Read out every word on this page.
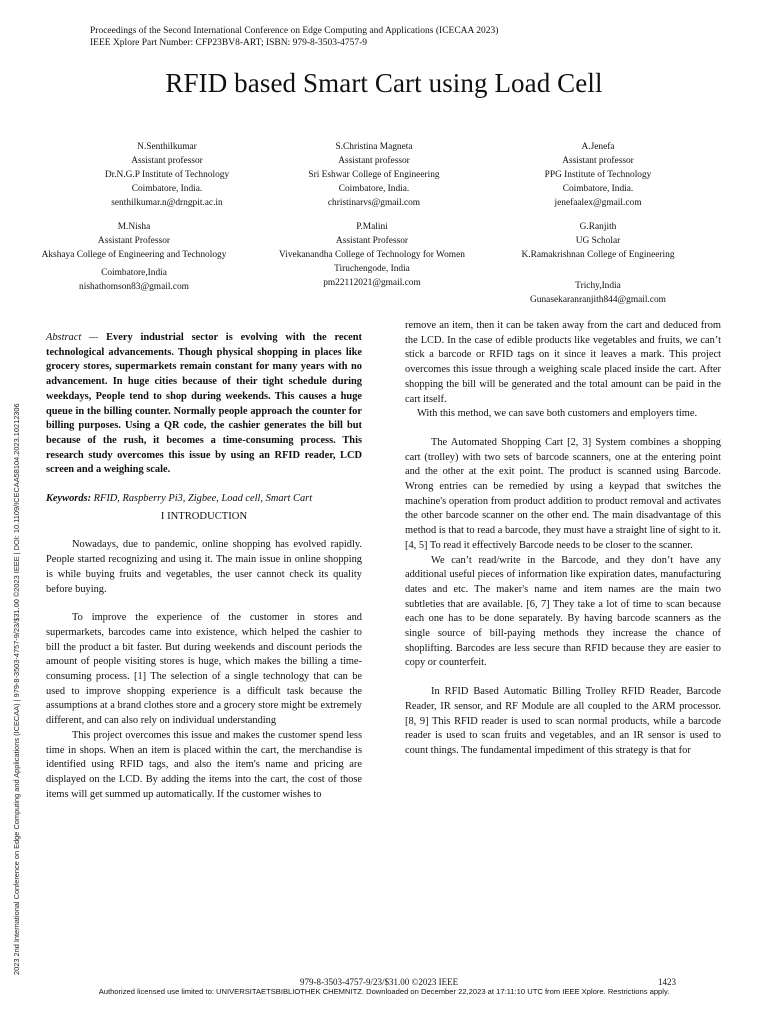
Proceedings of the Second International Conference on Edge Computing and Applications (ICECAA 2023)
IEEE Xplore Part Number: CFP23BV8-ART; ISBN: 979-8-3503-4757-9
RFID based Smart Cart using Load Cell
N.Senthilkumar
Assistant professor
Dr.N.G.P Institute of Technology
Coimbatore, India.
senthilkumar.n@drngpit.ac.in
S.Christina Magneta
Assistant professor
Sri Eshwar College of Engineering
Coimbatore, India.
christinarvs@gmail.com
A.Jenefa
Assistant professor
PPG Institute of Technology
Coimbatore, India.
jenefaalex@gmail.com
M.Nisha
Assistant Professor
Akshaya College of Engineering and Technology
Coimbatore,India
nishathomson83@gmail.com
P.Malini
Assistant Professor
Vivekanandha College of Technology for Women
Tiruchengode, India
pm22112021@gmail.com
G.Ranjith
UG Scholar
K.Ramakrishnan College of Engineering
Trichy,India
Gunasekaranranjith844@gmail.com
2023 2nd International Conference on Edge Computing and Applications (ICECAA) | 979-8-3503-4757-9/23/$31.00 ©2023 IEEE | DOI: 10.1109/ICECAA58104.2023.10212306

Abstract — Every industrial sector is evolving with the recent technological advancements. Though physical shopping in places like grocery stores, supermarkets remain constant for many years with no advancement. In huge cities because of their tight schedule during weekdays, People tend to shop during weekends. This causes a huge queue in the billing counter. Normally people approach the counter for billing purposes. Using a QR code, the cashier generates the bill but because of the rush, it becomes a time-consuming process. This research study overcomes this issue by using an RFID reader, LCD screen and a weighing scale.

Keywords: RFID, Raspberry Pi3, Zigbee, Load cell, Smart Cart

I INTRODUCTION

Nowadays, due to pandemic, online shopping has evolved rapidly. People started recognizing and using it. The main issue in online shopping is while buying fruits and vegetables, the user cannot check its quality before buying.

To improve the experience of the customer in stores and supermarkets, barcodes came into existence, which helped the cashier to bill the product a bit faster. But during weekends and discount periods the amount of people visiting stores is huge, which makes the billing a time-consuming process. [1] The selection of a single technology that can be used to improve shopping experience is a difficult task because the assumptions at a brand clothes store and a grocery store might be extremely different, and can also rely on individual understanding

This project overcomes this issue and makes the customer spend less time in shops. When an item is placed within the cart, the merchandise is identified using RFID tags, and also the item's name and pricing are displayed on the LCD. By adding the items into the cart, the cost of those items will get summed up automatically. If the customer wishes to

remove an item, then it can be taken away from the cart and deduced from the LCD. In the case of edible products like vegetables and fruits, we can’t stick a barcode or RFID tags on it since it leaves a mark. This project overcomes this issue through a weighing scale placed inside the cart. After shopping the bill will be generated and the total amount can be paid in the cart itself.

With this method, we can save both customers and employers time.

The Automated Shopping Cart [2, 3] System combines a shopping cart (trolley) with two sets of barcode scanners, one at the entering point and the other at the exit point. The product is scanned using Barcode. Wrong entries can be remedied by using a keypad that switches the machine's operation from product addition to product removal and activates the other barcode scanner on the other end. The main disadvantage of this method is that to read a barcode, they must have a straight line of sight to it. [4, 5] To read it effectively Barcode needs to be closer to the scanner.

We can’t read/write in the Barcode, and they don’t have any additional useful pieces of information like expiration dates, manufacturing dates and etc. The maker's name and item names are the main two subtleties that are available. [6, 7] They take a lot of time to scan because each one has to be done separately. By having barcode scanners as the single source of bill-paying methods they increase the chance of shoplifting. Barcodes are less secure than RFID because they are easier to copy or counterfeit.

In RFID Based Automatic Billing Trolley RFID Reader, Barcode Reader, IR sensor, and RF Module are all coupled to the ARM processor. [8, 9] This RFID reader is used to scan normal products, while a barcode reader is used to scan fruits and vegetables, and an IR sensor is used to count things. The fundamental impediment of this strategy is that for

979-8-3503-4757-9/23/$31.00 ©2023 IEEE	1423
Authorized licensed use limited to: UNIVERSITAETSBIBLIOTHEK CHEMNITZ. Downloaded on December 22,2023 at 17:11:10 UTC from IEEE Xplore. Restrictions apply.
